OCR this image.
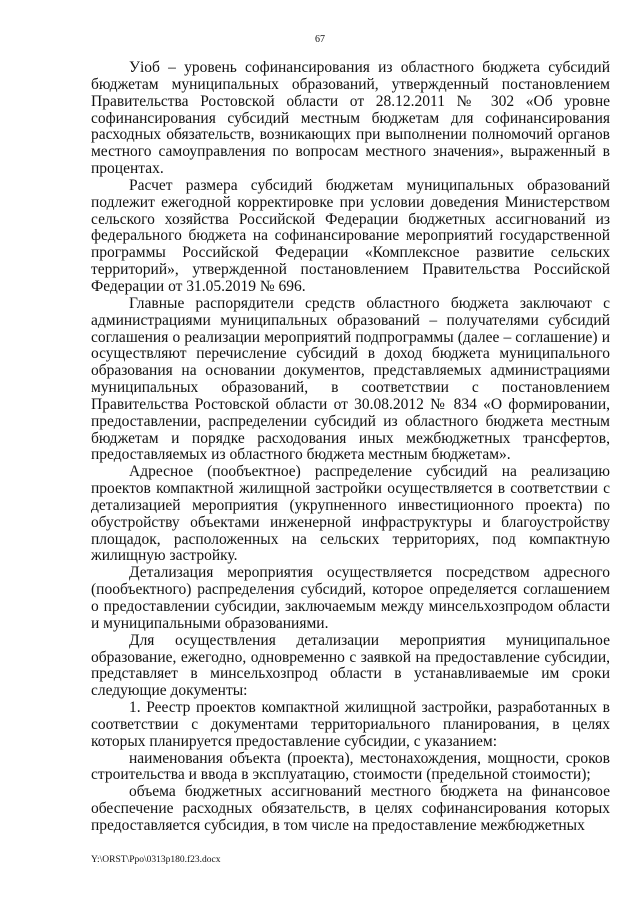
67

Уioб – уровень софинансирования из областного бюджета субсидий бюджетам муниципальных образований, утвержденный постановлением Правительства Ростовской области от 28.12.2011 № 302 «Об уровне софинансирования субсидий местным бюджетам для софинансирования расходных обязательств, возникающих при выполнении полномочий органов местного самоуправления по вопросам местного значения», выраженный в процентах.

Расчет размера субсидий бюджетам муниципальных образований подлежит ежегодной корректировке при условии доведения Министерством сельского хозяйства Российской Федерации бюджетных ассигнований из федерального бюджета на софинансирование мероприятий государственной программы Российской Федерации «Комплексное развитие сельских территорий», утвержденной постановлением Правительства Российской Федерации от 31.05.2019 № 696.

Главные распорядители средств областного бюджета заключают с администрациями муниципальных образований – получателями субсидий соглашения о реализации мероприятий подпрограммы (далее – соглашение) и осуществляют перечисление субсидий в доход бюджета муниципального образования на основании документов, представляемых администрациями муниципальных образований, в соответствии с постановлением Правительства Ростовской области от 30.08.2012 № 834 «О формировании, предоставлении, распределении субсидий из областного бюджета местным бюджетам и порядке расходования иных межбюджетных трансфертов, предоставляемых из областного бюджета местным бюджетам».

Адресное (пообъектное) распределение субсидий на реализацию проектов компактной жилищной застройки осуществляется в соответствии с детализацией мероприятия (укрупненного инвестиционного проекта) по обустройству объектами инженерной инфраструктуры и благоустройству площадок, расположенных на сельских территориях, под компактную жилищную застройку.

Детализация мероприятия осуществляется посредством адресного (пообъектного) распределения субсидий, которое определяется соглашением о предоставлении субсидии, заключаемым между минсельхозпродом области и муниципальными образованиями.

Для осуществления детализации мероприятия муниципальное образование, ежегодно, одновременно с заявкой на предоставление субсидии, представляет в минсельхозпрод области в устанавливаемые им сроки следующие документы:

1. Реестр проектов компактной жилищной застройки, разработанных в соответствии с документами территориального планирования, в целях которых планируется предоставление субсидии, с указанием:

наименования объекта (проекта), местонахождения, мощности, сроков строительства и ввода в эксплуатацию, стоимости (предельной стоимости);

объема бюджетных ассигнований местного бюджета на финансовое обеспечение расходных обязательств, в целях софинансирования которых предоставляется субсидия, в том числе на предоставление межбюджетных

Y:\ORST\Ppo\0313p180.f23.docx
